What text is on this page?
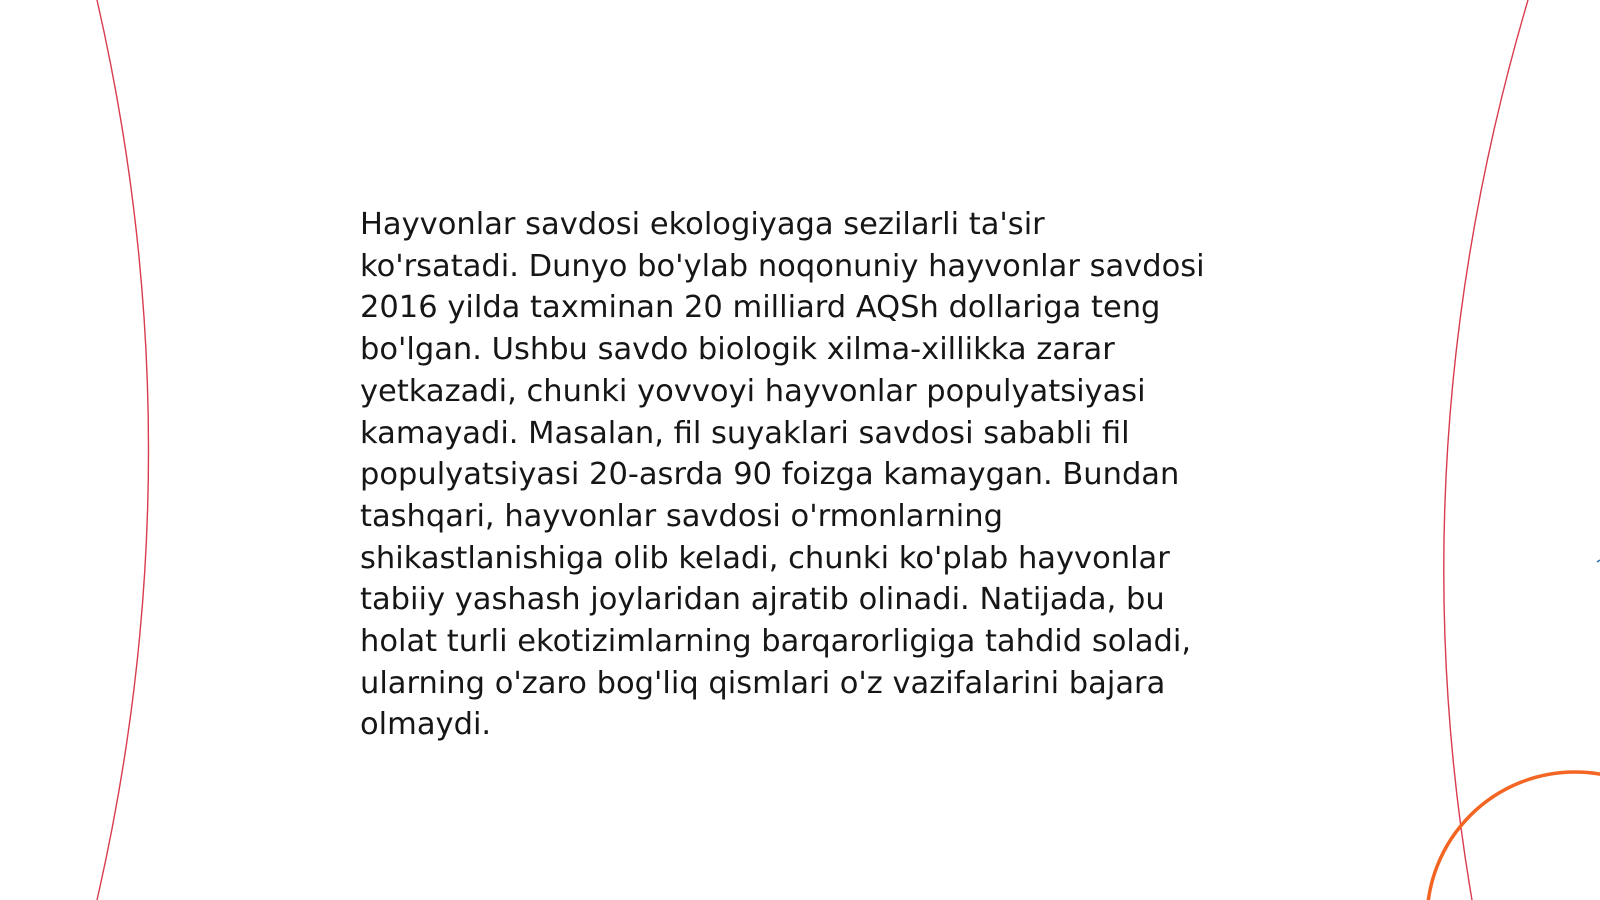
Hayvonlar savdosi ekologiyaga sezilarli ta'sir ko'rsatadi. Dunyo bo'ylab noqonuniy hayvonlar savdosi 2016 yilda taxminan 20 milliard AQSh dollariga teng bo'lgan. Ushbu savdo biologik xilma-xillikka zarar yetkazadi, chunki yovvoyi hayvonlar populyatsiyasi kamayadi. Masalan, fil suyaklari savdosi sababli fil populyatsiyasi 20-asrda 90 foizga kamaygan. Bundan tashqari, hayvonlar savdosi o'rmonlarning shikastlanishiga olib keladi, chunki ko'plab hayvonlar tabiiy yashash joylaridan ajratib olinadi. Natijada, bu holat turli ekotizimlarning barqarorligiga tahdid soladi, ularning o'zaro bog'liq qismlari o'z vazifalarini bajara olmaydi.
